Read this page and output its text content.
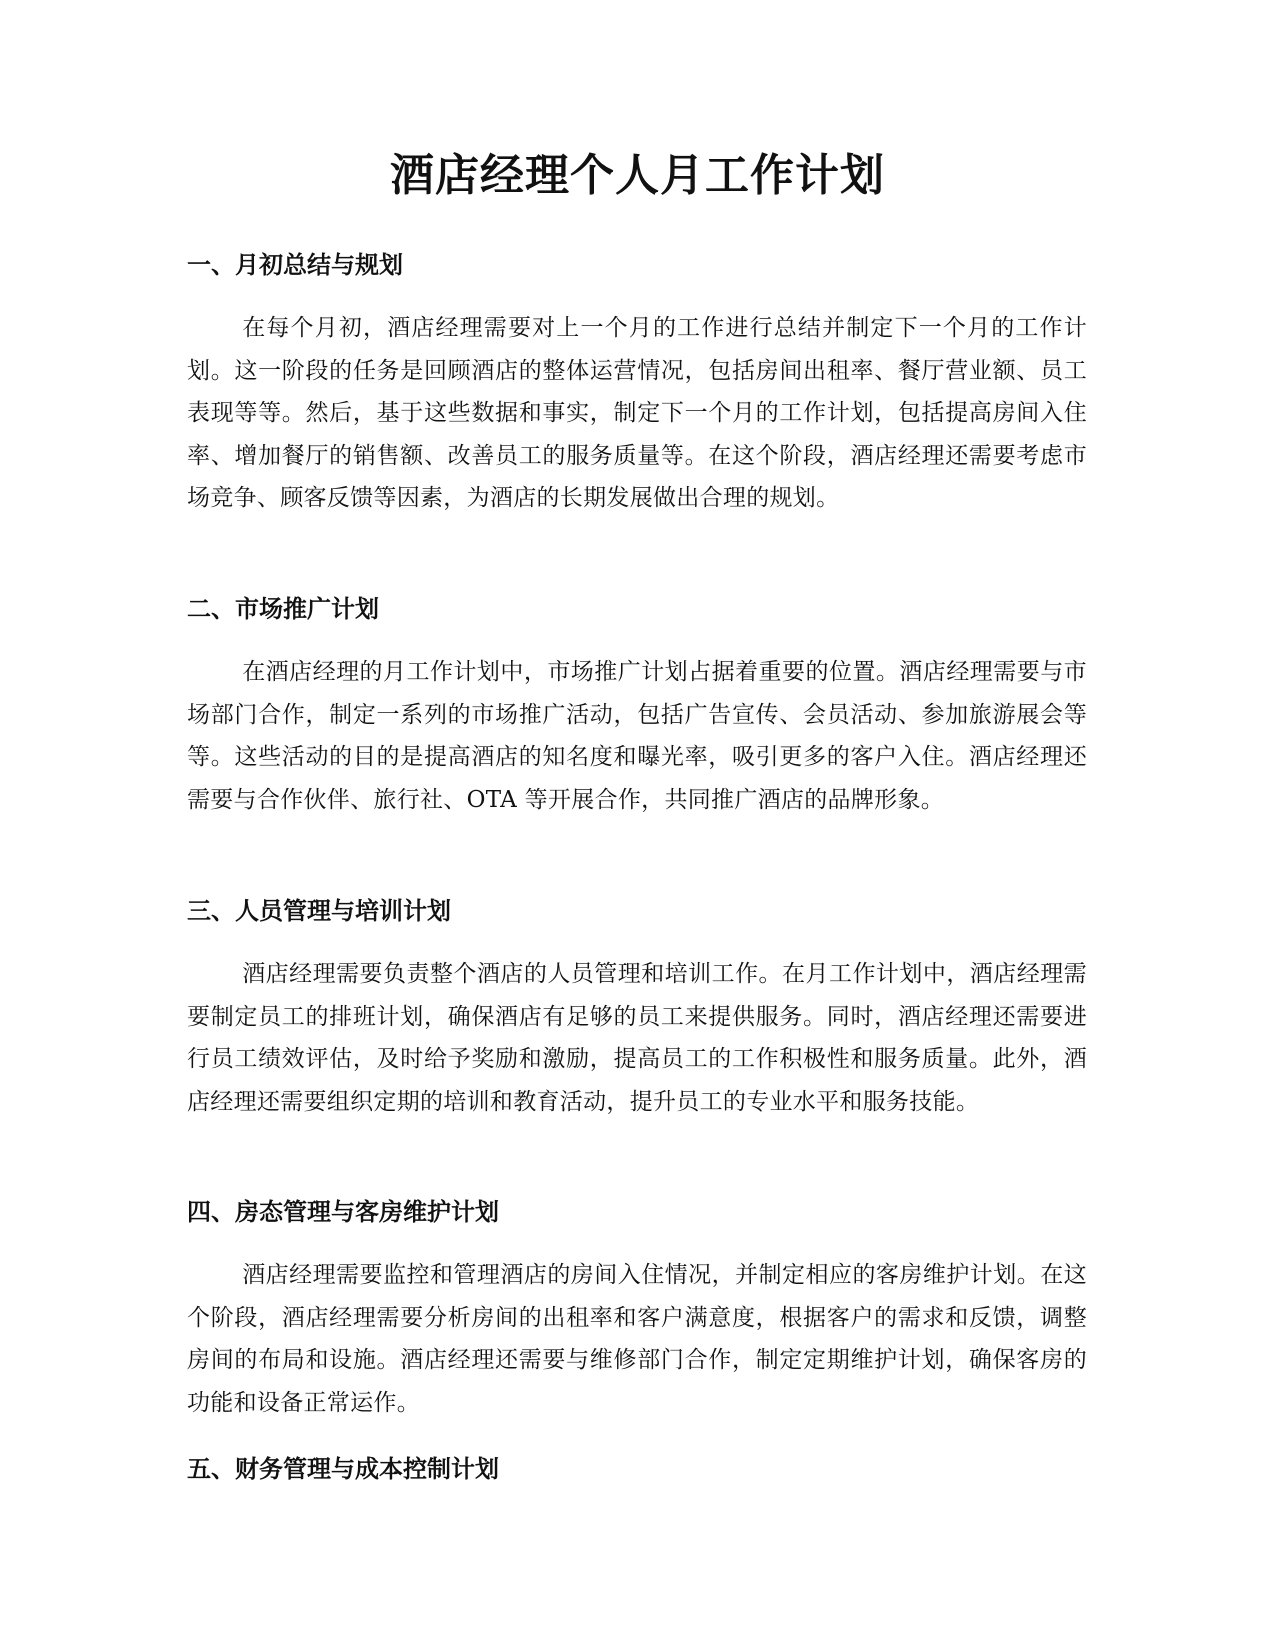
酒店经理个人月工作计划
一、月初总结与规划

在每个月初，酒店经理需要对上一个月的工作进行总结并制定下一个月的工作计划。这一阶段的任务是回顾酒店的整体运营情况，包括房间出租率、餐厅营业额、员工表现等等。然后，基于这些数据和事实，制定下一个月的工作计划，包括提高房间入住率、增加餐厅的销售额、改善员工的服务质量等。在这个阶段，酒店经理还需要考虑市场竞争、顾客反馈等因素，为酒店的长期发展做出合理的规划。

二、市场推广计划

在酒店经理的月工作计划中，市场推广计划占据着重要的位置。酒店经理需要与市场部门合作，制定一系列的市场推广活动，包括广告宣传、会员活动、参加旅游展会等等。这些活动的目的是提高酒店的知名度和曝光率，吸引更多的客户入住。酒店经理还需要与合作伙伴、旅行社、OTA 等开展合作，共同推广酒店的品牌形象。

三、人员管理与培训计划

酒店经理需要负责整个酒店的人员管理和培训工作。在月工作计划中，酒店经理需要制定员工的排班计划，确保酒店有足够的员工来提供服务。同时，酒店经理还需要进行员工绩效评估，及时给予奖励和激励，提高员工的工作积极性和服务质量。此外，酒店经理还需要组织定期的培训和教育活动，提升员工的专业水平和服务技能。

四、房态管理与客房维护计划

酒店经理需要监控和管理酒店的房间入住情况，并制定相应的客房维护计划。在这个阶段，酒店经理需要分析房间的出租率和客户满意度，根据客户的需求和反馈，调整房间的布局和设施。酒店经理还需要与维修部门合作，制定定期维护计划，确保客房的功能和设备正常运作。

五、财务管理与成本控制计划
